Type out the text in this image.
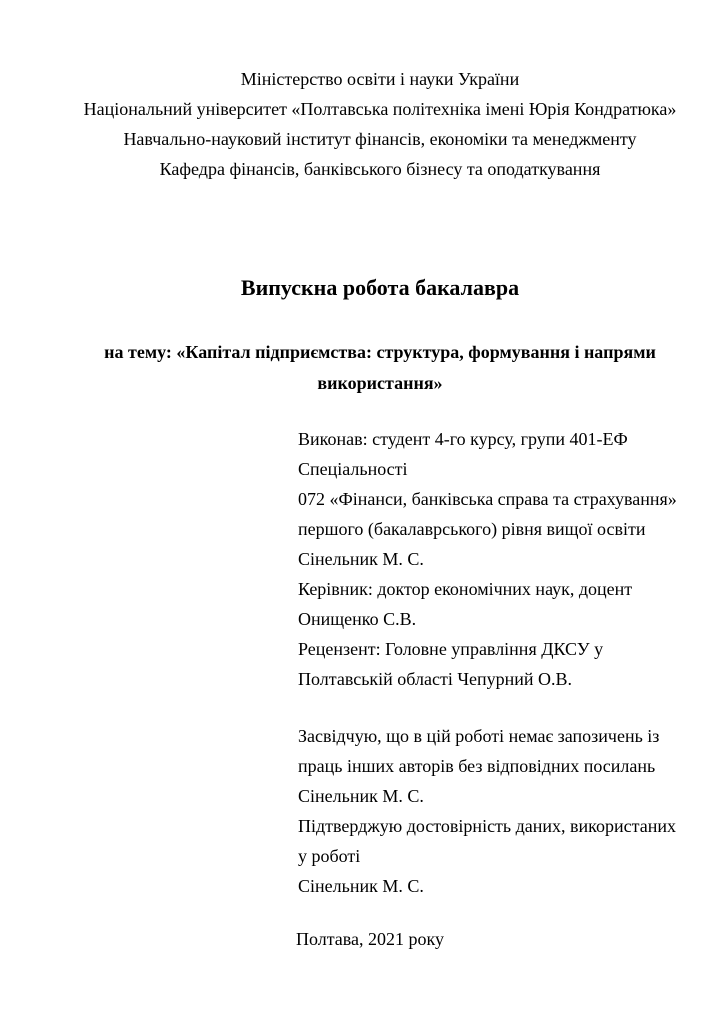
Міністерство освіти і науки України
Національний університет «Полтавська політехніка імені Юрія Кондратюка»
Навчально-науковий інститут фінансів, економіки та менеджменту
Кафедра фінансів, банківського бізнесу та оподаткування
Випускна робота бакалавра
на тему: «Капітал підприємства: структура, формування і напрями використання»
Виконав: студент 4-го курсу, групи 401-ЕФ
Спеціальності
072 «Фінанси, банківська справа та страхування»
першого (бакалаврського) рівня вищої освіти
Сінельник М. С.
Керівник: доктор економічних наук, доцент
Онищенко С.В.
Рецензент: Головне управління ДКСУ у
Полтавській області Чепурний О.В.
Засвідчую, що в цій роботі немає запозичень із
праць інших авторів без відповідних посилань
Сінельник М. С.
Підтверджую достовірність даних, використаних
у роботі
Сінельник М. С.
Полтава, 2021 року
